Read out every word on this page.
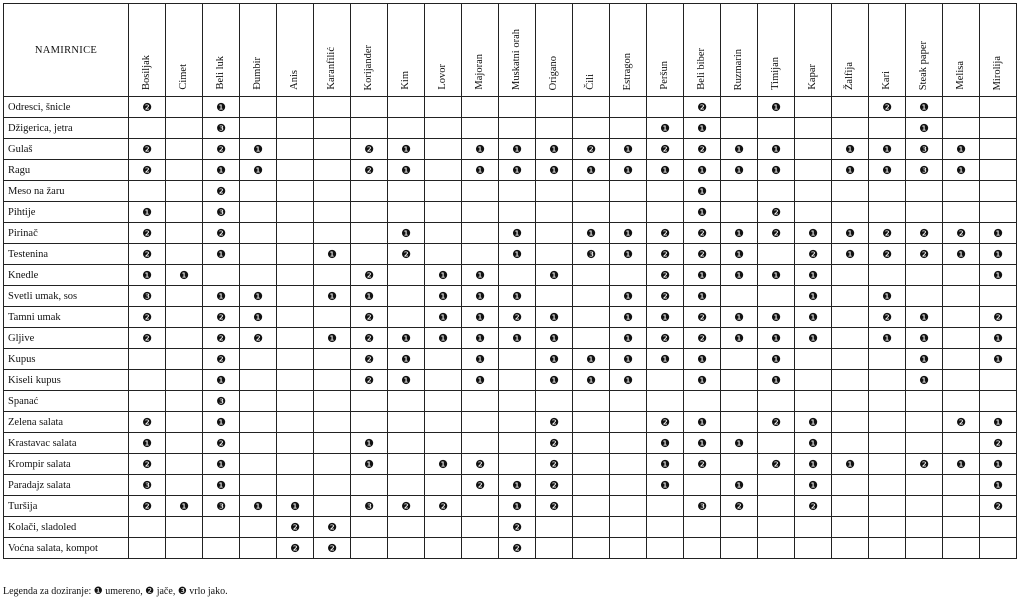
NAMIRNICE	Bosiljak	Cimet	Beli luk	Đumbir	Anis	Karanfilić	Korijander	Kim	Lovor	Majoran	Muskatni orah	Origano	Čili	Estragon	Peršun	Beli biber	Ruzmarin	Timijan	Kapar	Žalfija	Kari	Steak paper	Melisa	Mirolija

Odresci, šnicle	❷		❶													❷		❶			❷	❶		
Džigerica, jetra			❸												❶	❶						❶		
Gulaš	❷		❷	❶			❷	❶		❶	❶	❶	❷	❶	❷	❷	❶	❶		❶	❶	❸	❶	
Ragu	❷		❶	❶			❷	❶		❶	❶	❶	❶	❶	❶	❶	❶	❶		❶	❶	❸	❶	
Meso na žaru			❷													❶								
Pihtije	❶		❸													❶		❷						
Pirinač	❷		❷					❶			❶		❶	❶	❷	❷	❶	❷	❶	❶	❷	❷	❷	❶
Testenina	❷		❶			❶		❷			❶		❸	❶	❷	❷	❶		❷	❶	❷	❷	❶	❶
Knedle	❶	❶					❷		❶	❶		❶			❷	❶	❶	❶	❶					❶
Svetli umak, sos	❸		❶	❶		❶	❶		❶	❶	❶			❶	❷	❶			❶		❶			
Tamni umak	❷		❷	❶			❷		❶	❶	❷	❶		❶	❶	❷	❶	❶	❶		❷	❶		❷
Gljive	❷		❷	❷		❶	❷	❶	❶	❶	❶	❶		❶	❷	❷	❶	❶	❶		❶	❶		❶
Kupus			❷				❷	❶		❶		❶	❶	❶	❶	❶		❶				❶		❶
Kiseli kupus			❶				❷	❶		❶		❶	❶	❶		❶		❶				❶		
Spanać			❸																					
Zelena salata	❷		❶									❷			❷	❶		❷	❶				❷	❶
Krastavac salata	❶		❷				❶					❷			❶	❶	❶		❶					❷
Krompir salata	❷		❶				❶		❶	❷		❷			❶	❷		❷	❶	❶		❷	❶	❶
Paradajz salata	❸		❶							❷	❶	❷			❶		❶		❶					❶
Turšija	❷	❶	❸	❶	❶		❸	❷	❷		❶	❷				❸	❷		❷					❷
Kolači, sladoled					❷	❷					❷													
Voćna salata, kompot					❷	❷					❷													
Legenda za doziranje: ❶ umereno, ❷ jače, ❸ vrlo jako.
